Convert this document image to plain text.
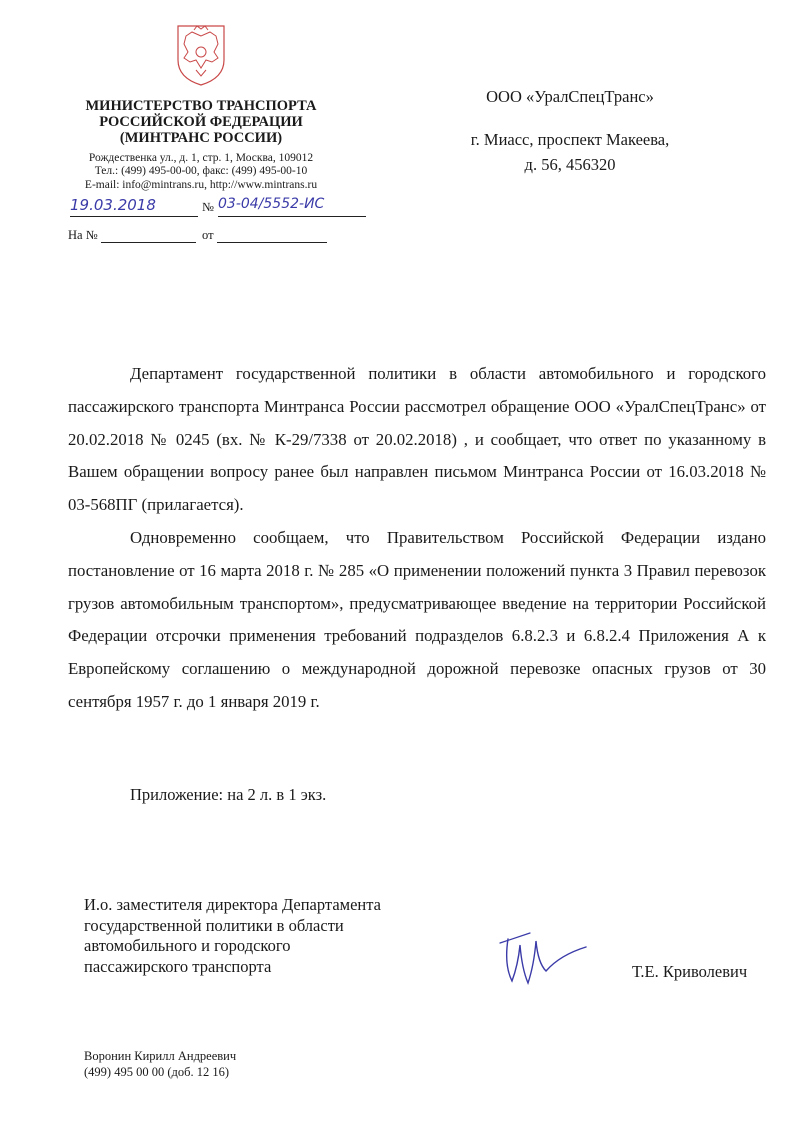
МИНИСТЕРСТВО ТРАНСПОРТА
РОССИЙСКОЙ ФЕДЕРАЦИИ
(МИНТРАНС РОССИИ)
Рождественка ул., д. 1, стр. 1, Москва, 109012
Тел.: (499) 495-00-00, факс: (499) 495-00-10
E-mail: info@mintrans.ru, http://www.mintrans.ru
19.03.2018	№ 03-04/5552-ИС
На №	от
ООО «УралСпецТранс»
г. Миасс, проспект Макеева,
д. 56, 456320

Департамент государственной политики в области автомобильного и городского пассажирского транспорта Минтранса России рассмотрел обращение ООО «УралСпецТранс» от 20.02.2018 № 0245 (вх. № К-29/7338 от 20.02.2018) , и сообщает, что ответ по указанному в Вашем обращении вопросу ранее был направлен письмом Минтранса России от 16.03.2018 № 03-568ПГ (прилагается).

Одновременно сообщаем, что Правительством Российской Федерации издано постановление от 16 марта 2018 г. № 285 «О применении положений пункта 3 Правил перевозок грузов автомобильным транспортом», предусматривающее введение на территории Российской Федерации отсрочки применения требований подразделов 6.8.2.3 и 6.8.2.4 Приложения А к Европейскому соглашению о международной дорожной перевозке опасных грузов от 30 сентября 1957 г. до 1 января 2019 г.

Приложение: на 2 л. в 1 экз.
И.о. заместителя директора Департамента
государственной политики в области
автомобильного и городского
пассажирского транспорта	Т.Е. Криволевич
Воронин Кирилл Андреевич
(499) 495 00 00 (доб. 12 16)
